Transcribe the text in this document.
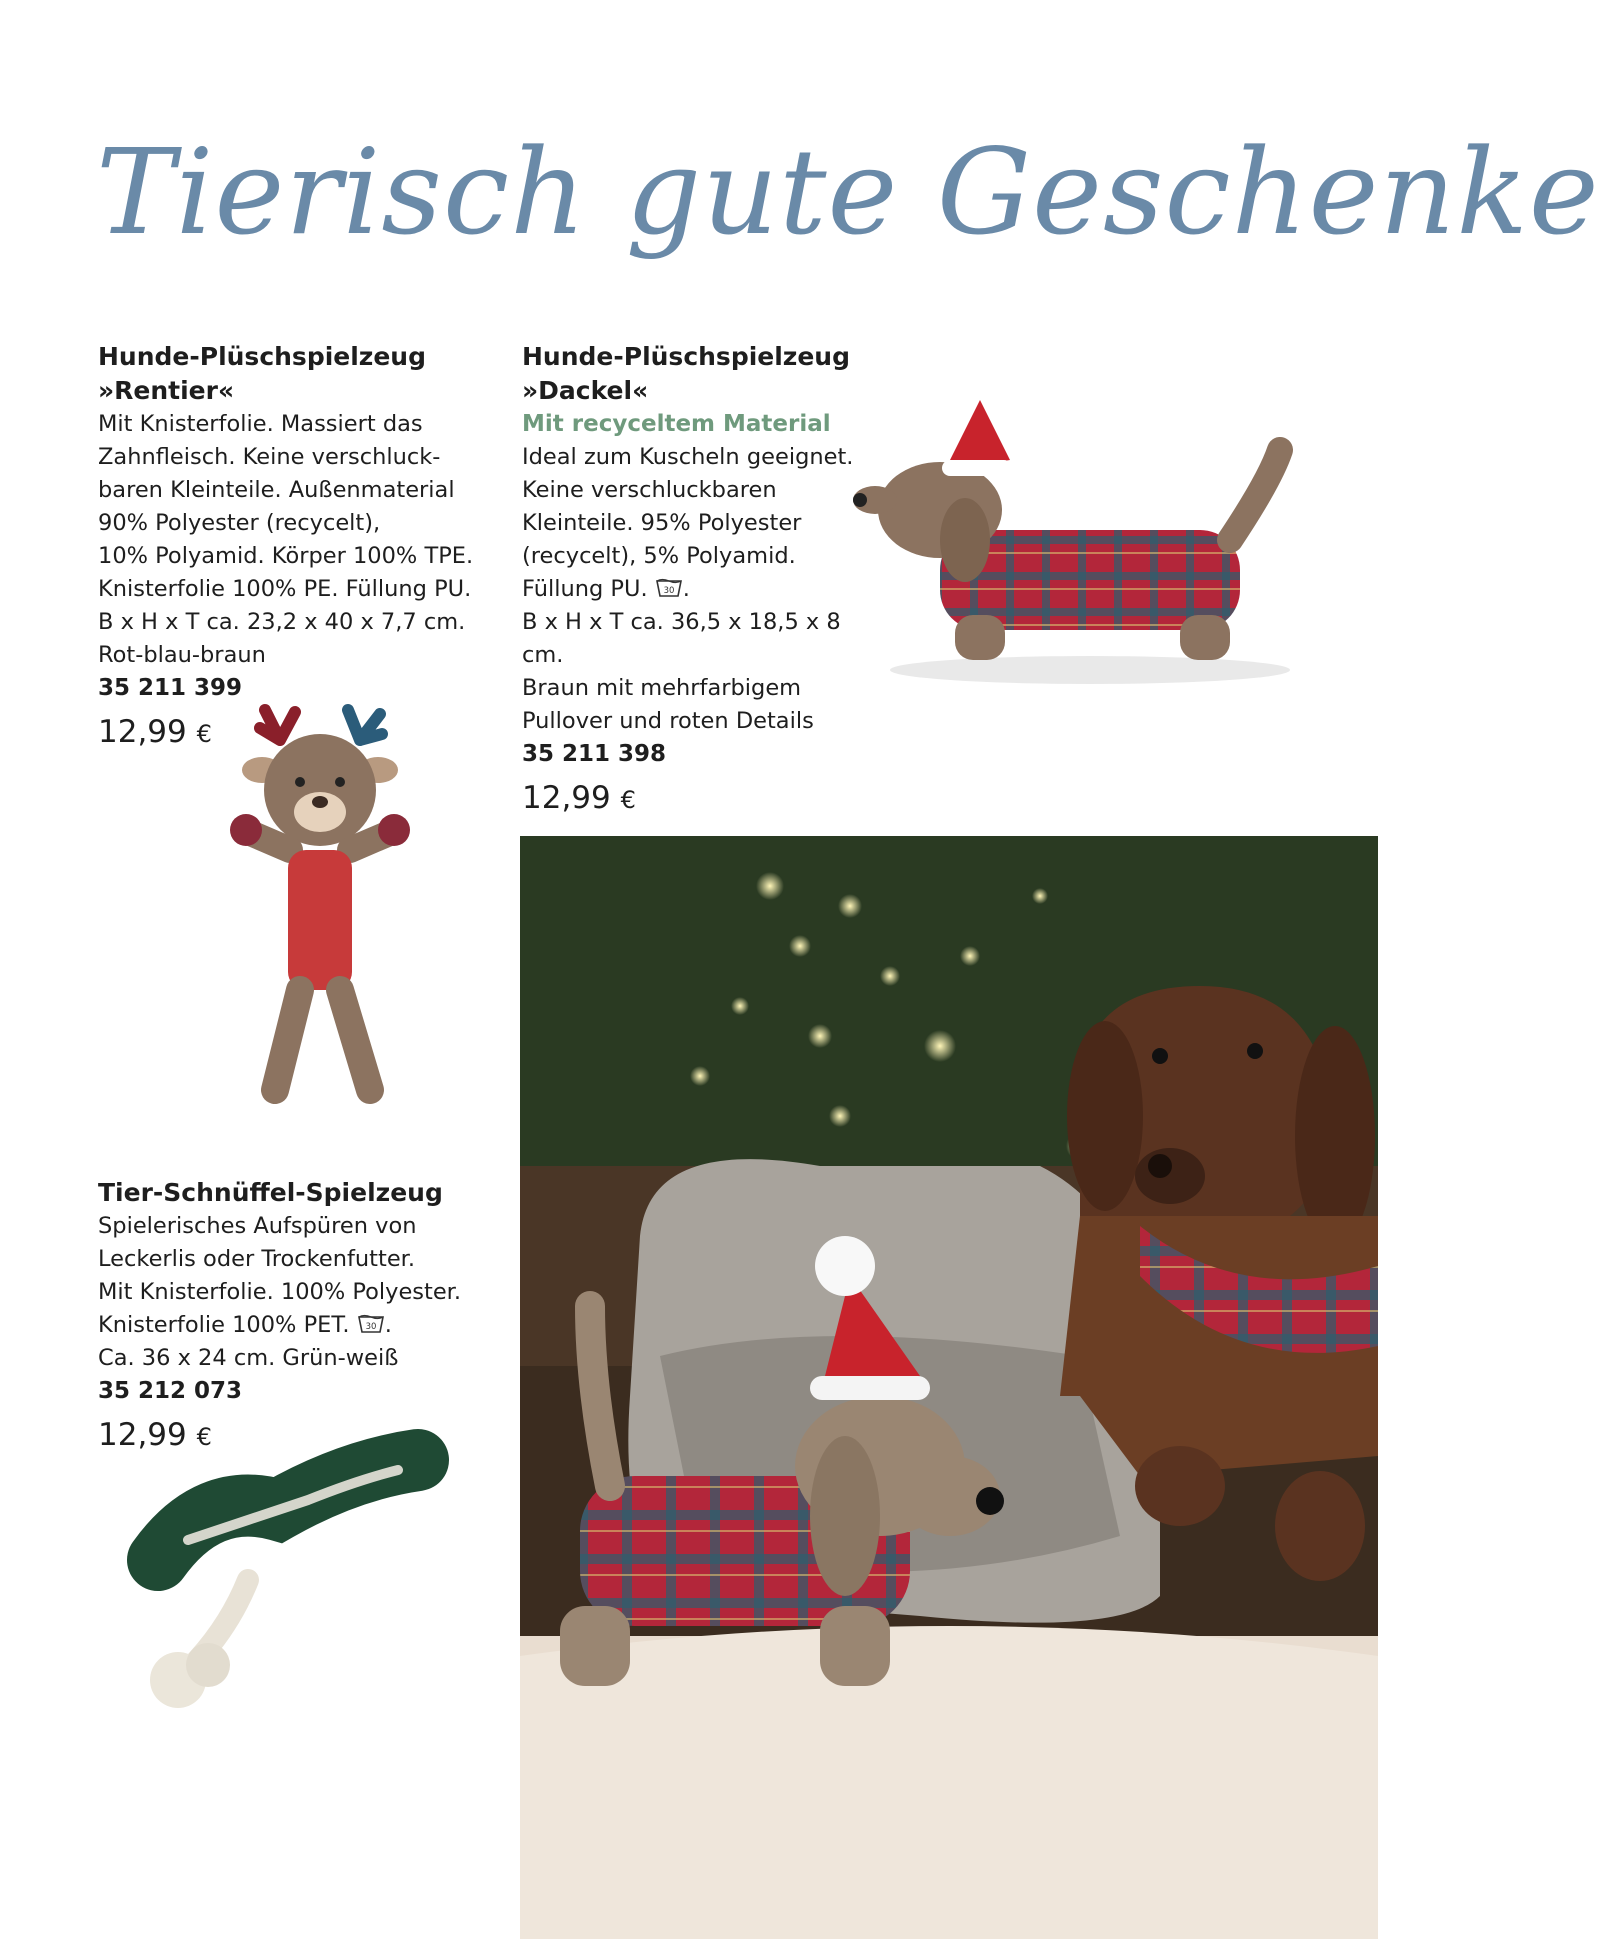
Tierisch gute Geschenke
Hunde-Plüschspielzeug
»Rentier«

Mit Knisterfolie. Massiert das

Zahnfleisch. Keine verschluck-

baren Kleinteile. Außenmaterial

90% Polyester (recycelt),

10% Polyamid. Körper 100% TPE.

Knisterfolie 100% PE. Füllung PU.

B x H x T ca. 23,2 x 40 x 7,7 cm.

Rot-blau-braun

35 211 399

12,99 €

Hunde-Plüschspielzeug
»Dackel«

Mit recyceltem Material

Ideal zum Kuscheln geeignet.

Keine verschluckbaren

Kleinteile. 95% Polyester

(recycelt), 5% Polyamid.

Füllung PU. 30 .

B x H x T ca. 36,5 x 18,5 x 8 cm.

Braun mit mehrfarbigem

Pullover und roten Details

35 211 398

12,99 €

Tier-Schnüffel-Spielzeug

Spielerisches Aufspüren von

Leckerlis oder Trockenfutter.

Mit Knisterfolie. 100% Polyester.

Knisterfolie 100% PET. 30 .

Ca. 36 x 24 cm. Grün-weiß

35 212 073

12,99 €
